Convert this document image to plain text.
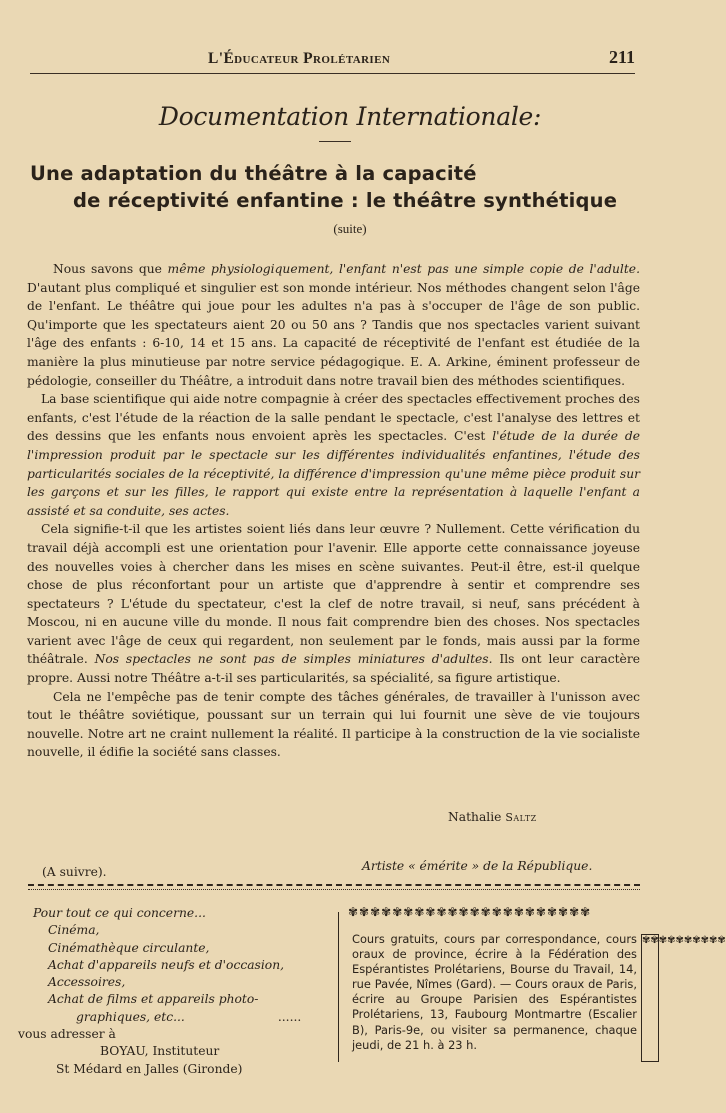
L'Éducateur Prolétarien	211
Documentation Internationale:
Une adaptation du théâtre à la capacité
de réceptivité enfantine : le théâtre synthétique
(suite)

Nous savons que même physiologiquement, l'enfant n'est pas une simple copie de l'adulte. D'autant plus compliqué et singulier est son monde intérieur. Nos méthodes changent selon l'âge de l'enfant. Le théâtre qui joue pour les adultes n'a pas à s'occuper de l'âge de son public. Qu'importe que les spectateurs aient 20 ou 50 ans ? Tandis que nos spectacles varient suivant l'âge des enfants : 6-10, 14 et 15 ans. La capacité de réceptivité de l'enfant est étudiée de la manière la plus minutieuse par notre service pédagogique. E. A. Arkine, éminent professeur de pédologie, conseiller du Théâtre, a introduit dans notre travail bien des méthodes scientifiques.

La base scientifique qui aide notre compagnie à créer des spectacles effectivement proches des enfants, c'est l'étude de la réaction de la salle pendant le spectacle, c'est l'analyse des lettres et des dessins que les enfants nous envoient après les spectacles. C'est l'étude de la durée de l'impression produit par le spectacle sur les différentes individualités enfantines, l'étude des particularités sociales de la réceptivité, la différence d'impression qu'une même pièce produit sur les garçons et sur les filles, le rapport qui existe entre la représentation à laquelle l'enfant a assisté et sa conduite, ses actes.

Cela signifie-t-il que les artistes soient liés dans leur œuvre ? Nullement. Cette vérification du travail déjà accompli est une orientation pour l'avenir. Elle apporte cette connaissance joyeuse des nouvelles voies à chercher dans les mises en scène suivantes. Peut-il être, est-il quelque chose de plus réconfortant pour un artiste que d'apprendre à sentir et comprendre ses spectateurs ? L'étude du spectateur, c'est la clef de notre travail, si neuf, sans précédent à Moscou, ni en aucune ville du monde. Il nous fait comprendre bien des choses. Nos spectacles varient avec l'âge de ceux qui regardent, non seulement par le fonds, mais aussi par la forme théâtrale. Nos spectacles ne sont pas de simples miniatures d'adultes. Ils ont leur caractère propre. Aussi notre Théâtre a-t-il ses particularités, sa spécialité, sa figure artistique.

Cela ne l'empêche pas de tenir compte des tâches générales, de travailler à l'unisson avec tout le théâtre soviétique, poussant sur un terrain qui lui fournit une sève de vie toujours nouvelle. Notre art ne craint nullement la réalité. Il participe à la construction de la vie socialiste nouvelle, il édifie la société sans classes.

Nathalie Saltz
(A suivre).	Artiste « émérite » de la République.
Pour tout ce qui concerne...
Cinéma,
Cinémathèque circulante,
Achat d'appareils neufs et d'occasion,
Accessoires,
Achat de films et appareils photo-
graphiques, etc...	......
vous adresser à
BOYAU, Instituteur
St Médard en Jalles (Gironde)
✾✾✾✾✾✾✾✾✾✾✾✾✾✾✾✾✾✾✾✾✾✾
Cours gratuits, cours par correspondance, cours oraux de province, écrire à la Fédération des Espérantistes Prolétariens, Bourse du Travail, 14, rue Pavée, Nîmes (Gard). — Cours oraux de Paris, écrire au Groupe Parisien des Espérantistes Prolétariens, 13, Faubourg Montmartre (Escalier B), Paris-9e, ou visiter sa permanence, chaque jeudi, de 21 h. à 23 h.
✾✾✾✾✾✾✾✾✾✾
